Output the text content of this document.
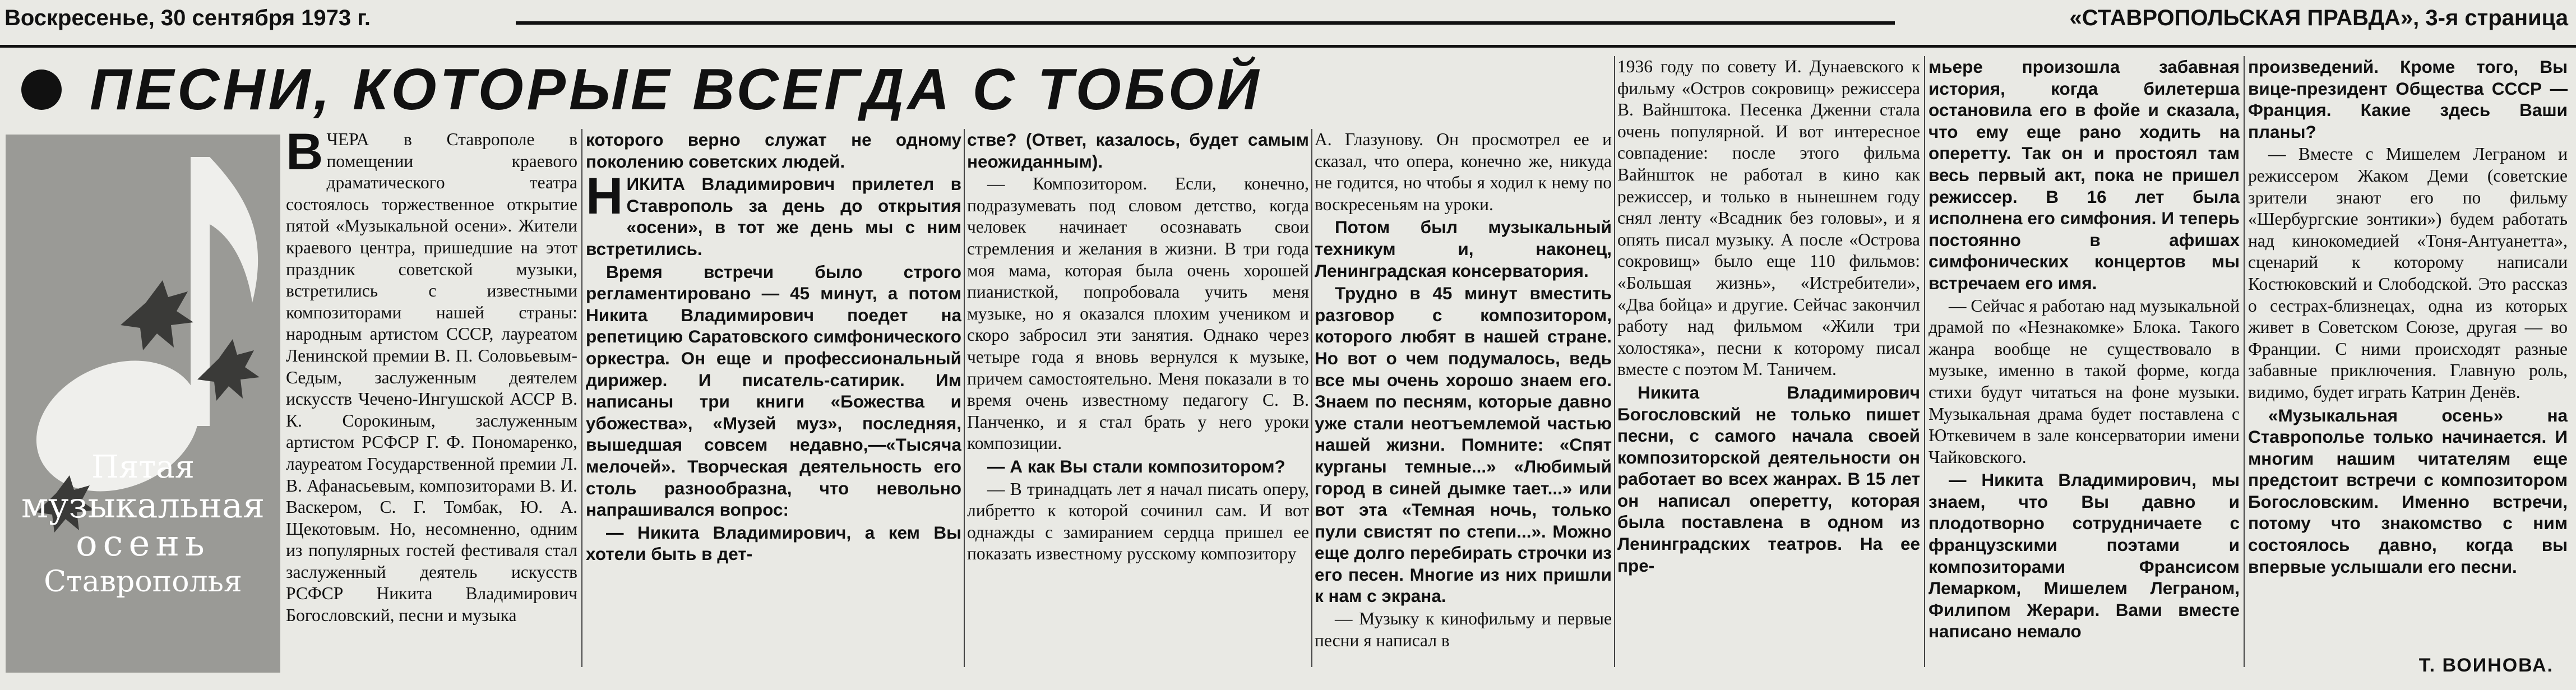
Воскресенье, 30 сентября 1973 г.	«СТАВРОПОЛЬСКАЯ ПРАВДА», 3-я страница
ПЕСНИ, КОТОРЫЕ ВСЕГДА С ТОБОЙ
Пятая
музыкальная
осень
Ставрополья

ВЧЕРА в Ставрополе в помещении краевого драматического театра состоялось торжественное открытие пятой «Музыкальной осени». Жители краевого центра, пришедшие на этот праздник советской музыки, встретились с известными композиторами нашей страны: народным артистом СССР, лауреатом Ленинской премии В. П. Соловьевым-Седым, заслуженным деятелем искусств Чечено-Ингушской АССР В. К. Сорокиным, заслуженным артистом РСФСР Г. Ф. Пономаренко, лауреатом Государственной премии Л. В. Афанасьевым, композиторами В. И. Васкером, С. Г. Томбак, Ю. А. Щекотовым. Но, несомненно, одним из популярных гостей фестиваля стал заслуженный деятель искусств РСФСР Никита Владимирович Богословский, песни и музыка

которого верно служат не одному поколению советских людей.

НИКИТА Владимирович прилетел в Ставрополь за день до открытия «осени», в тот же день мы с ним встретились.

Время встречи было строго регламентировано — 45 минут, а потом Никита Владимирович поедет на репетицию Саратовского симфонического оркестра. Он еще и профессиональный дирижер. И писатель-сатирик. Им написаны три книги «Божества и убожества», «Музей муз», последняя, вышедшая совсем недавно,—«Тысяча мелочей». Творческая деятельность его столь разнообразна, что невольно напрашивался вопрос:

— Никита Владимирович, а кем Вы хотели быть в дет-

стве? (Ответ, казалось, будет самым неожиданным).

— Композитором. Если, конечно, подразумевать под словом детство, когда человек начинает осознавать свои стремления и желания в жизни. В три года моя мама, которая была очень хорошей пианисткой, попробовала учить меня музыке, но я оказался плохим учеником и скоро забросил эти занятия. Однако через четыре года я вновь вернулся к музыке, причем самостоятельно. Меня показали в то время очень известному педагогу С. В. Панченко, и я стал брать у него уроки композиции.

— А как Вы стали композитором?

— В тринадцать лет я начал писать оперу, либретто к которой сочинил сам. И вот однажды с замиранием сердца пришел ее показать известному русскому композитору

А. Глазунову. Он просмотрел ее и сказал, что опера, конечно же, никуда не годится, но чтобы я ходил к нему по воскресеньям на уроки.

Потом был музыкальный техникум и, наконец, Ленинградская консерватория.

Трудно в 45 минут вместить разговор с композитором, которого любят в нашей стране. Но вот о чем подумалось, ведь все мы очень хорошо знаем его. Знаем по песням, которые давно уже стали неотъемлемой частью нашей жизни. Помните: «Спят курганы темные...» «Любимый город в синей дымке тает...» или вот эта «Темная ночь, только пули свистят по степи...». Можно еще долго перебирать строчки из его песен. Многие из них пришли к нам с экрана.

— Музыку к кинофильму и первые песни я написал в

1936 году по совету И. Дунаевского к фильму «Остров сокровищ» режиссера В. Вайнштока. Песенка Дженни стала очень популярной. И вот интересное совпадение: после этого фильма Вайншток не работал в кино как режиссер, и только в нынешнем году снял ленту «Всадник без головы», и я опять писал музыку. А после «Острова сокровищ» было еще 110 фильмов: «Большая жизнь», «Истребители», «Два бойца» и другие. Сейчас закончил работу над фильмом «Жили три холостяка», песни к которому писал вместе с поэтом М. Таничем.

Никита Владимирович Богословский не только пишет песни, с самого начала своей композиторской деятельности он работает во всех жанрах. В 15 лет он написал оперетту, которая была поставлена в одном из Ленинградских театров. На ее пре-

мьере произошла забавная история, когда билетерша остановила его в фойе и сказала, что ему еще рано ходить на оперетту. Так он и простоял там весь первый акт, пока не пришел режиссер. В 16 лет была исполнена его симфония. И теперь постоянно в афишах симфонических концертов мы встречаем его имя.

— Сейчас я работаю над музыкальной драмой по «Незнакомке» Блока. Такого жанра вообще не существовало в музыке, именно в такой форме, когда стихи будут читаться на фоне музыки. Музыкальная драма будет поставлена с Юткевичем в зале консерватории имени Чайковского.

— Никита Владимирович, мы знаем, что Вы давно и плодотворно сотрудничаете с французскими поэтами и композиторами Франсисом Лемарком, Мишелем Леграном, Филипом Жерари. Вами вместе написано немало

произведений. Кроме того, Вы вице-президент Общества СССР — Франция. Какие здесь Ваши планы?

— Вместе с Мишелем Леграном и режиссером Жаком Деми (советские зрители знают его по фильму «Шербургские зонтики») будем работать над кинокомедией «Тоня-Антуанетта», сценарий к которому написали Костюковский и Слободской. Это рассказ о сестрах-близнецах, одна из которых живет в Советском Союзе, другая — во Франции. С ними происходят разные забавные приключения. Главную роль, видимо, будет играть Катрин Денёв.

«Музыкальная осень» на Ставрополье только начинается. И многим нашим читателям еще предстоит встречи с композитором Богословским. Именно встречи, потому что знакомство с ним состоялось давно, когда вы впервые услышали его песни.

Т. ВОИНОВА.
